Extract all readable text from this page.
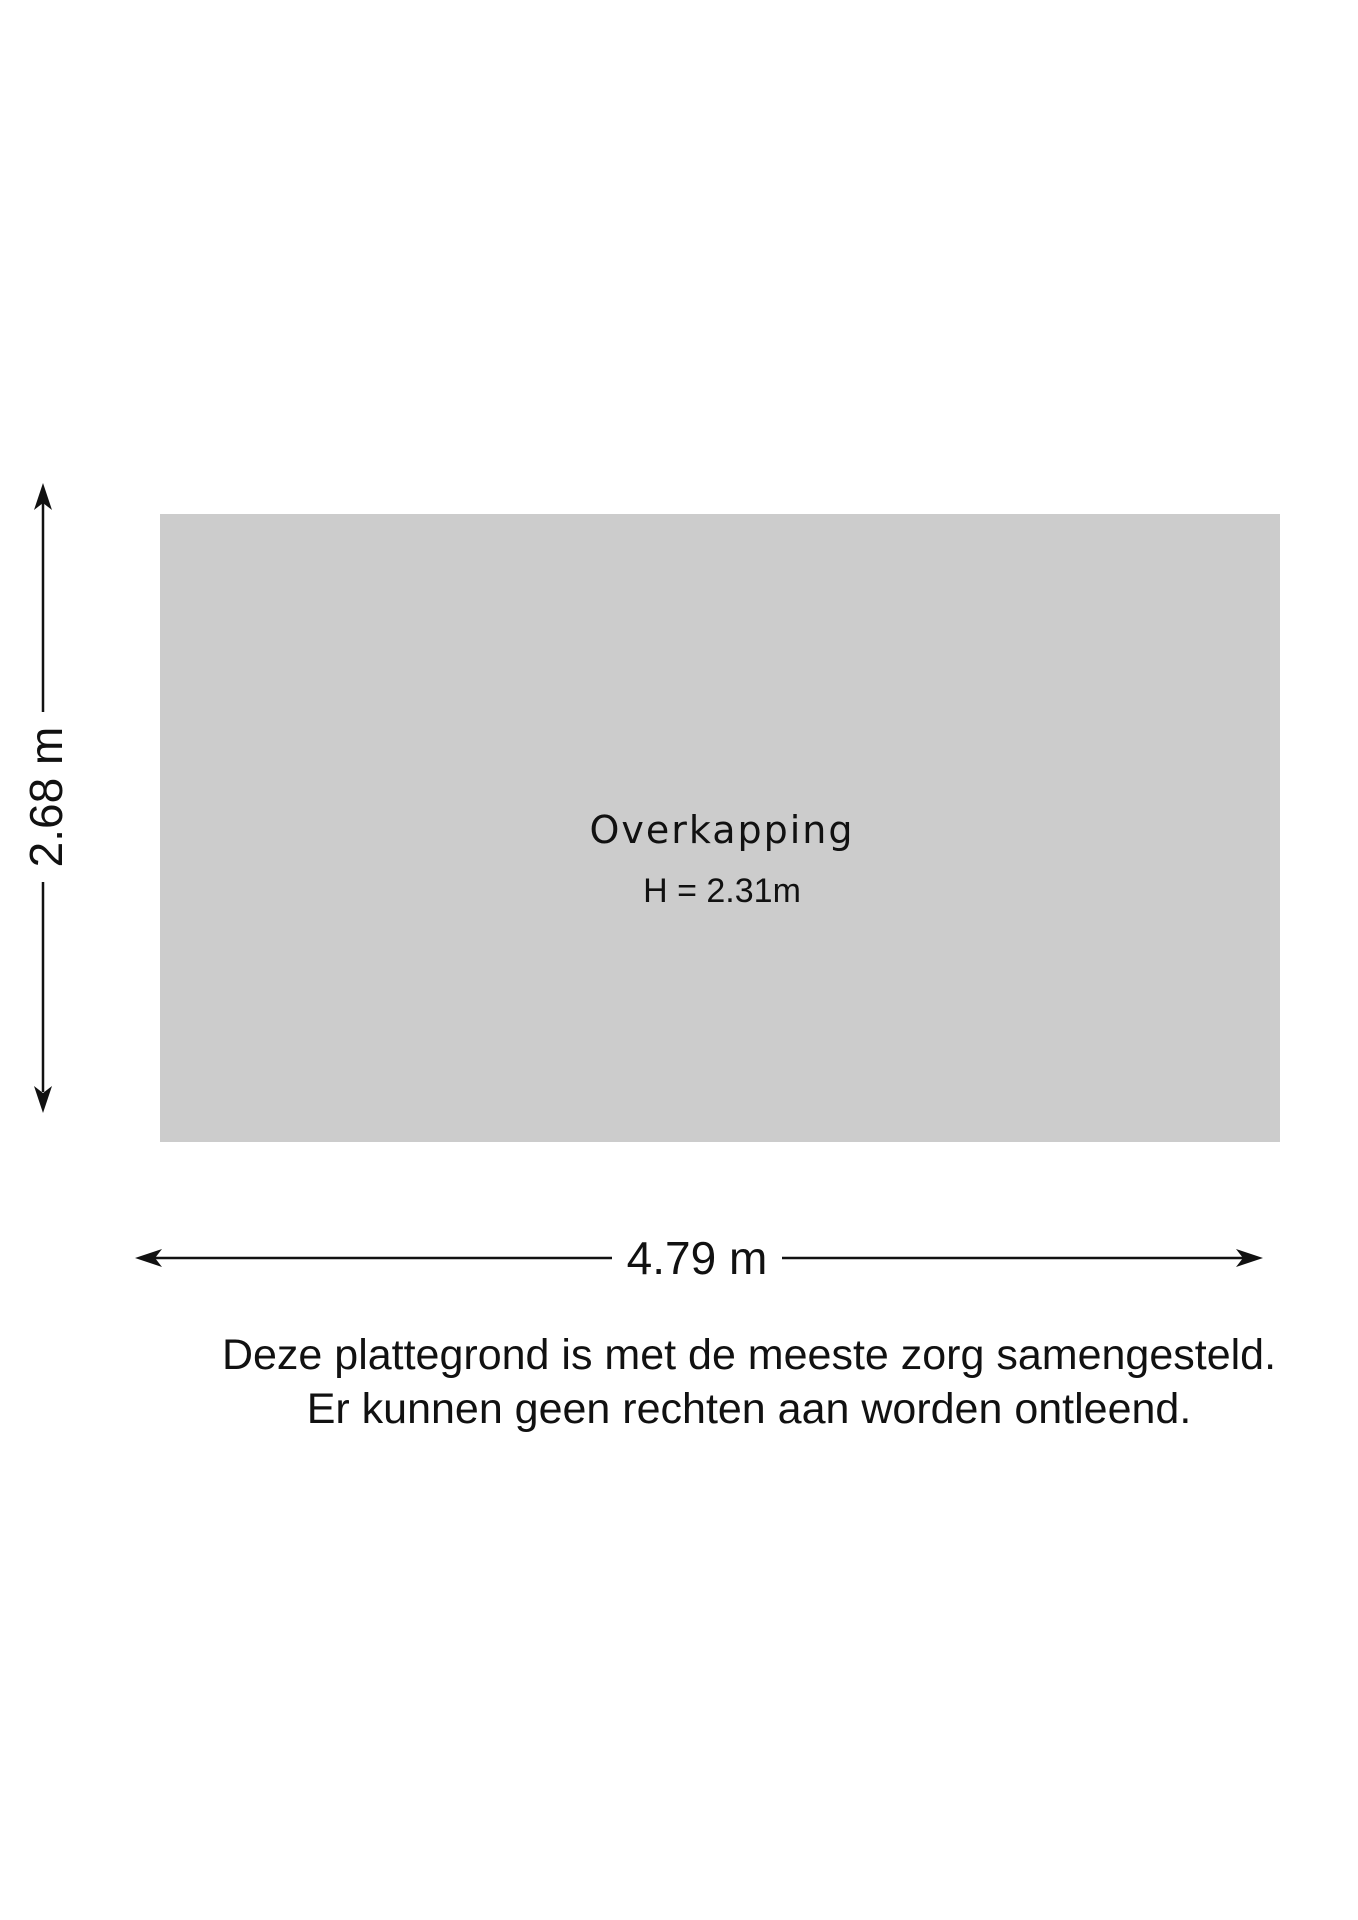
Overkapping
H = 2.31m
2.68 m
4.79 m
Deze plattegrond is met de meeste zorg samengesteld.
Er kunnen geen rechten aan worden ontleend.
